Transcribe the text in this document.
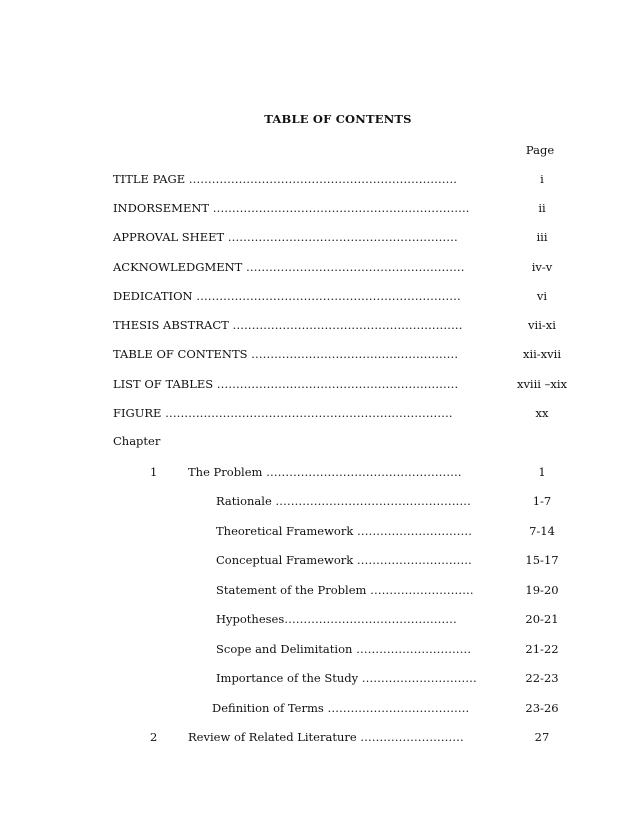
TABLE OF CONTENTS
Page
TITLE PAGE …………………………………………………………….	i
INDORSEMENT ………………………………………………………….	ii
APPROVAL SHEET ……………………………………………………	iii
ACKNOWLEDGMENT …………………………………………………	iv-v
DEDICATION ……………………………………………………………	vi
THESIS ABSTRACT ……………………………………………………	vii-xi
TABLE OF CONTENTS ………………………………………………	xii-xvii
LIST OF TABLES ………………………………………………………	xviii –xix
FIGURE …………………………………………………………………	xx
Chapter
1	The Problem ……………………………………………	1
Rationale ……………………………………………	1-7
Theoretical Framework …………………………	7-14
Conceptual Framework …………………………	15-17
Statement of the Problem ………………………	19-20
Hypotheses………………………………………	20-21
Scope and Delimitation …………………………	21-22
Importance of the Study …………………………	22-23
Definition of Terms ……………………………….	23-26
2	Review of Related Literature ………………………	27
